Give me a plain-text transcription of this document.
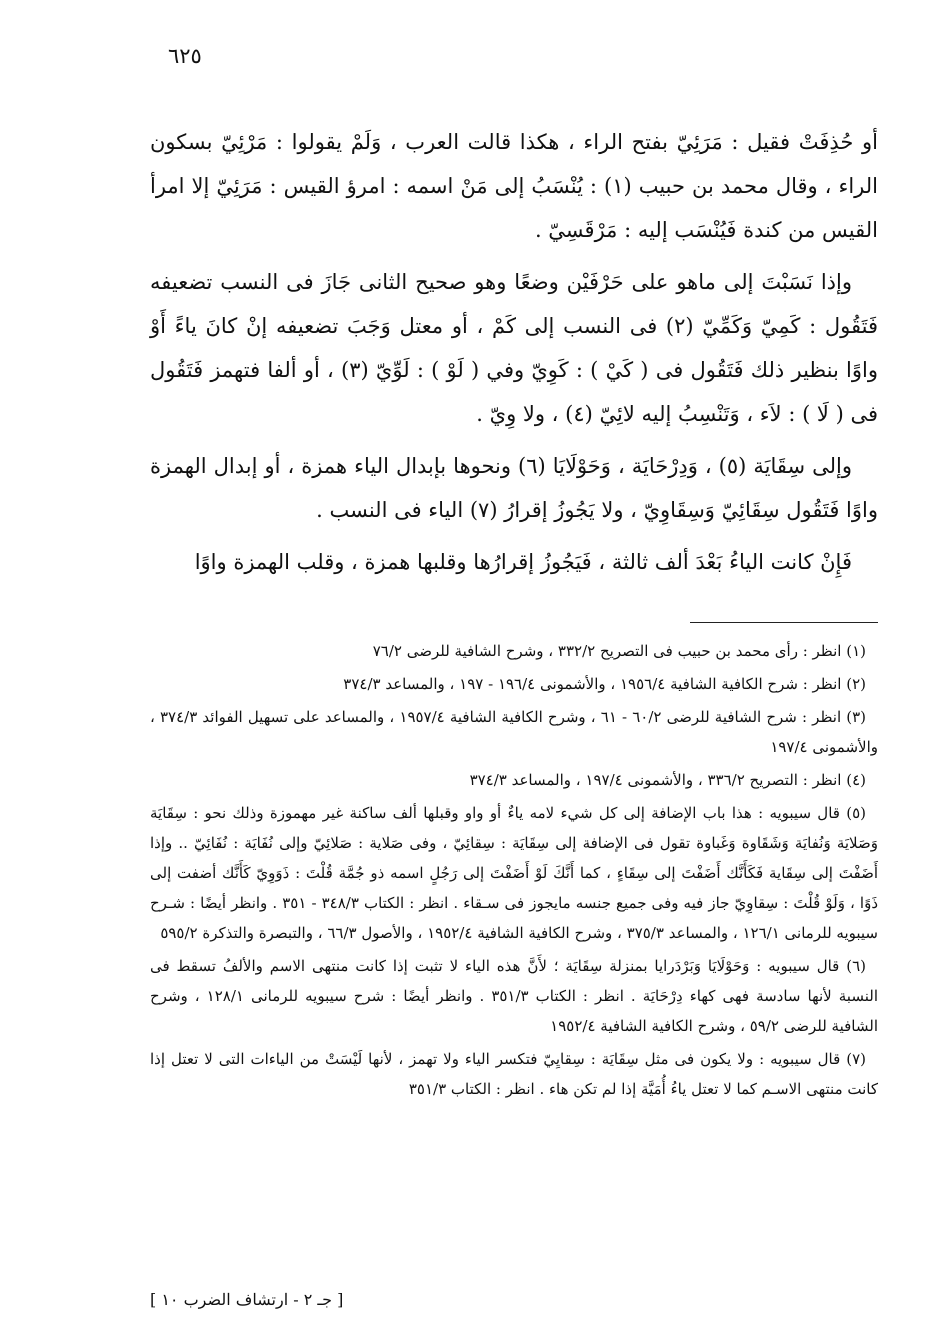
٦٢٥

أو حُذِفَتْ فقيل : مَرَئِيّ بفتح الراء ، هكذا قالت العرب ، وَلَمْ يقولوا : مَرْئِيّ بسكون الراء ، وقال محمد بن حبيب (١) : يُنْسَبُ إلى مَنْ اسمه : امرؤ القيس : مَرَئِيّ إلا امرأ القيس من كندة فَيُنْسَب إليه : مَرْقَسِيّ .

وإذا نَسَبْتَ إلى ماهو على حَرْفَيْن وضعًا وهو صحيح الثانى جَازَ فى النسب تضعيفه فَتَقُول : كَمِيّ وَكَمِّيّ (٢) فى النسب إلى كَمْ ، أو معتل وَجَبَ تضعيفه إنْ كانَ ياءً أَوْ واوًا بنظير ذلك فَتَقُول فى ( كَيْ ) : كَوِيّ وفي ( لَوْ ) : لَوِّيّ (٣) ، أو ألفا فتهمز فَتَقُول فى ( لَا ) : لاَء ، وَتَنْسِبُ إليه لائِيّ (٤) ، ولا وِيّ .

وإلى سِقَايَة (٥) ، وَدِرْحَايَة ، وَحَوْلَايَا (٦) ونحوها بإبدال الياء همزة ، أو إبدال الهمزة واوًا فَتَقُول سِقَائِيّ وَسِقَاوِيّ ، ولا يَجُوزُ إقرارُ (٧) الياء فى النسب .

فَإِنْ كانت الياءُ بَعْدَ ألف ثالثة ، فَيَجُوزُ إقرارُها وقلبها همزة ، وقلب الهمزة واوًا

(١) انظر : رأى محمد بن حبيب فى التصريح ٣٣٢/٢ ، وشرح الشافية للرضى ٧٦/٢

(٢) انظر : شرح الكافية الشافية ١٩٥٦/٤ ، والأشمونى ١٩٦/٤ - ١٩٧ ، والمساعد ٣٧٤/٣

(٣) انظر : شرح الشافية للرضى ٦٠/٢ - ٦١ ، وشرح الكافية الشافية ١٩٥٧/٤ ، والمساعد على تسهيل الفوائد ٣٧٤/٣ ، والأشمونى ١٩٧/٤

(٤) انظر : التصريح ٣٣٦/٢ ، والأشمونى ١٩٧/٤ ، والمساعد ٣٧٤/٣

(٥) قال سيبويه : هذا باب الإضافة إلى كل شيء لامه ياءٌ أو واو وقبلها ألف ساكنة غير مهموزة وذلك نحو : سِقَايَة وَصَلايَة وَنُفايَة وَشَقَاوة وَغَباوة تقول فى الإضافة إلى سِقَايَة : سِقائِيّ ، وفى صَلاية : صَلائِيّ وإلى نُفَايَة : نُفَائِيّ .. وإذا أَضَفْتَ إلى سِقَاية فَكَأَنَّك أَضَفْتَ إلى سِقَاءٍ ، كما أَنَّكَ لَوْ أَضَفْتَ إلى رَجُلٍ اسمه ذو جُمَّة قُلْتَ : ذَوَوِيّ كَأَنَّك أضفت إلى ذَوًا ، وَلَوْ قُلْتَ : سِقاوِيّ جاز فيه وفى جميع جنسه مايجوز فى سـقاء . انظر : الكتاب ٣٤٨/٣ - ٣٥١ . وانظر أيضًا : شـرح سيبويه للرمانى ١٢٦/١ ، والمساعد ٣٧٥/٣ ، وشرح الكافية الشافية ١٩٥٢/٤ ، والأصول ٦٦/٣ ، والتبصرة والتذكرة ٥٩٥/٢

(٦) قال سيبويه : وَحَوْلَايَا وَبَرْدَرايا بمنزلة سِقَايَة ؛ لأَنَّ هذه الياء لا تثبت إذا كانت منتهى الاسم والألفُ تسقط فى النسبة لأنها سادسة فهى كهاء دِرْحَايَة . انظر : الكتاب ٣٥١/٣ . وانظر أيضًا : شرح سيبويه للرمانى ١٢٨/١ ، وشرح الشافية للرضى ٥٩/٢ ، وشرح الكافية الشافية ١٩٥٢/٤

(٧) قال سيبويه : ولا يكون فى مثل سِقَايَة : سِقايِيّ فتكسر الياء ولا تهمز ، لأنها لَيْسَتْ من الياءات التى لا تعتل إذا كانت منتهى الاسـم كما لا تعتل ياءُ أُمَيَّة إذا لم تكن هاء . انظر : الكتاب ٣٥١/٣

[ جـ ٢ - ارتشاف الضرب ١٠ ]
